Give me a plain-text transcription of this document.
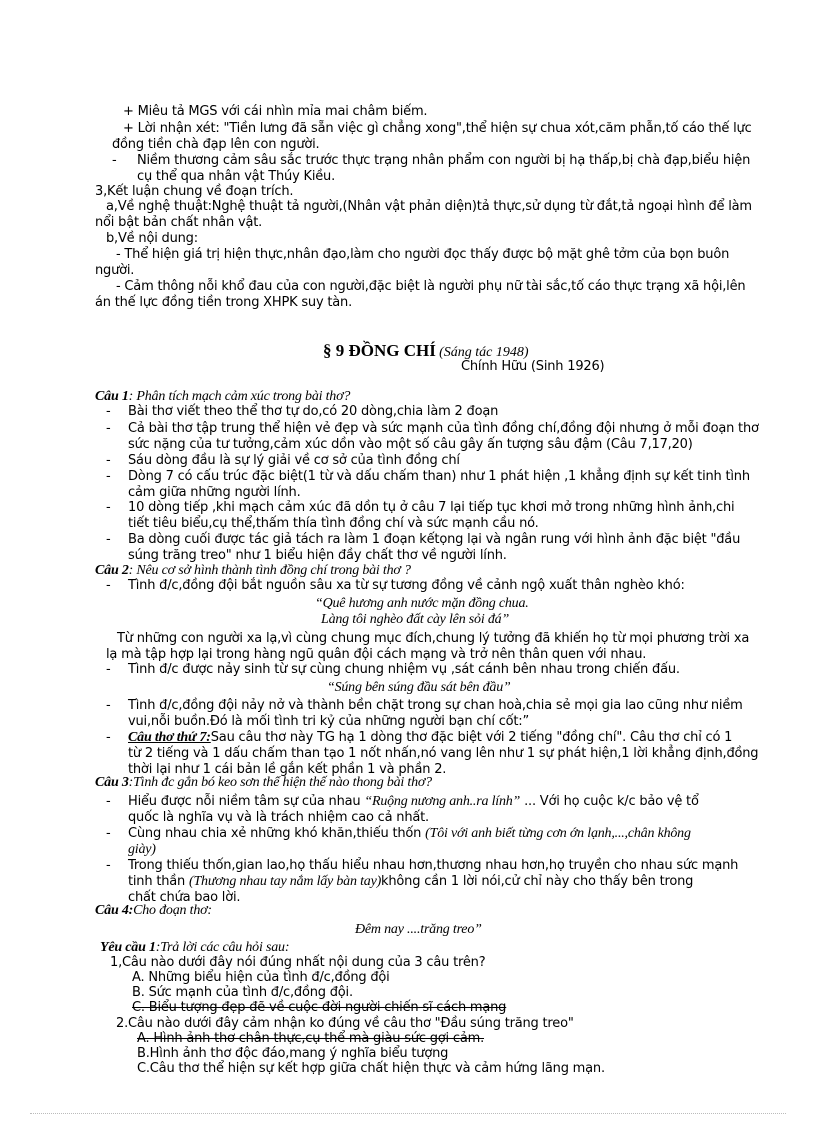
+ Miêu tả MGS với cái nhìn mỉa mai châm biếm.
+ Lời nhận xét: "Tiền lưng đã sẵn việc gì chẳng xong",thể hiện sự chua xót,căm phẫn,tố cáo thế lực
đồng tiền chà đạp lên con người.
- Niềm thương cảm sâu sắc trước thực trạng nhân phẩm con người bị hạ thấp,bị chà đạp,biểu hiện
cụ thể qua nhân vật Thúy Kiều.
3,Kết luận chung về đoạn trích.
a,Về nghệ thuật:Nghệ thuật tả người,(Nhân vật phản diện)tả thực,sử dụng từ đắt,tả ngoại hình để làm
nổi bật bản chất nhân vật.
b,Về nội dung:
- Thể hiện giá trị hiện thực,nhân đạo,làm cho người đọc thấy được bộ mặt ghê tởm của bọn buôn
người.
- Cảm thông nỗi khổ đau của con người,đặc biệt là người phụ nữ tài sắc,tố cáo thực trạng xã hội,lên
án thế lực đồng tiền trong XHPK suy tàn.
§ 9 ĐỒNG CHÍ (Sáng tác 1948)
Chính Hữu (Sinh 1926)
Câu 1: Phân tích mạch cảm xúc trong bài thơ?
- Bài thơ viết theo thể thơ tự do,có 20 dòng,chia làm 2 đoạn
- Cả bài thơ tập trung thể hiện vẻ đẹp và sức mạnh của tình đồng chí,đồng đội nhưng ở mỗi đoạn thơ
sức nặng của tư tưởng,cảm xúc dồn vào một số câu gây ấn tượng sâu đậm (Câu 7,17,20)
- Sáu dòng đầu là sự lý giải về cơ sở của tình đồng chí
- Dòng 7 có cấu trúc đặc biệt(1 từ và dấu chấm than) như 1 phát hiện ,1 khẳng định sự kết tinh tình
cảm giữa những người lính.
- 10 dòng tiếp ,khi mạch cảm xúc đã dồn tụ ở câu 7 lại tiếp tục khơi mở trong những hình ảnh,chi
tiết tiêu biểu,cụ thể,thấm thía tình đồng chí và sức mạnh cầu nó.
- Ba dòng cuối được tác giả tách ra làm 1 đoạn kếtọng lại và ngân rung với hình ảnh đặc biệt "đầu
súng trăng treo" như 1 biểu hiện đầy chất thơ về người lính.
Câu 2: Nêu cơ sở hình thành tình đồng chí trong bài thơ ?
- Tình đ/c,đồng đội bắt nguồn sâu xa từ sự tương đồng về cảnh ngộ xuất thân nghèo khó:
“Quê hương anh nước mặn đồng chua.
Làng tôi nghèo đất cày lên sỏi đá”
Từ những con người xa lạ,vì cùng chung mục đích,chung lý tưởng đã khiến họ từ mọi phương trời xa
lạ mà tập hợp lại trong hàng ngũ quân đội cách mạng và trở nên thân quen với nhau.
- Tình đ/c được nảy sinh từ sự cùng chung nhiệm vụ ,sát cánh bên nhau trong chiến đấu.
“Súng bên súng đầu sát bên đầu”
- Tình đ/c,đồng đội nảy nở và thành bền chặt trong sự chan hoà,chia sẻ mọi gia lao cũng như niềm
vui,nỗi buồn.Đó là mối tình tri kỷ của những người bạn chí cốt:”
- Câu thơ thứ 7:Sau câu thơ này TG hạ 1 dòng thơ đặc biệt với 2 tiếng "đồng chí". Câu thơ chỉ có 1
từ 2 tiếng và 1 dấu chấm than tạo 1 nốt nhấn,nó vang lên như 1 sự phát hiện,1 lời khẳng định,đồng
thời lại như 1 cái bản lề gắn kết phần 1 và phần 2.
Câu 3:Tình đc gắn bó keo sơn thể hiện thế nào thong bài thơ?
- Hiểu được nỗi niềm tâm sự của nhau “Ruộng nương anh..ra lính” ... Với họ cuộc k/c bảo vệ tổ
quốc là nghĩa vụ và là trách nhiệm cao cả nhất.
- Cùng nhau chia xẻ những khó khăn,thiếu thốn (Tôi với anh biết từng cơn ớn lạnh,...,chân không
giày)
- Trong thiếu thốn,gian lao,họ thấu hiểu nhau hơn,thương nhau hơn,họ truyền cho nhau sức mạnh
tinh thần (Thương nhau tay nắm lấy bàn tay)không cần 1 lời nói,cử chỉ này cho thấy bên trong
chất chứa bao lời.
Câu 4:Cho đoạn thơ:
Đêm nay ....trăng treo”
Yêu cầu 1:Trả lời các câu hỏi sau:
1,Câu nào dưới đây nói đúng nhất nội dung của 3 câu trên?
A. Những biểu hiện của tình đ/c,đồng đội
B. Sức mạnh của tình đ/c,đồng đội.
C. Biểu tượng đẹp đẽ về cuộc đời người chiến sĩ cách mạng
2.Câu nào dưới đây cảm nhận ko đúng về câu thơ "Đầu súng trăng treo"
A. Hình ảnh thơ chân thực,cụ thể mà giàu sức gợi cảm.
B.Hình ảnh thơ độc đáo,mang ý nghĩa biểu tượng
C.Câu thơ thể hiện sự kết hợp giữa chất hiện thực và cảm hứng lãng mạn.
